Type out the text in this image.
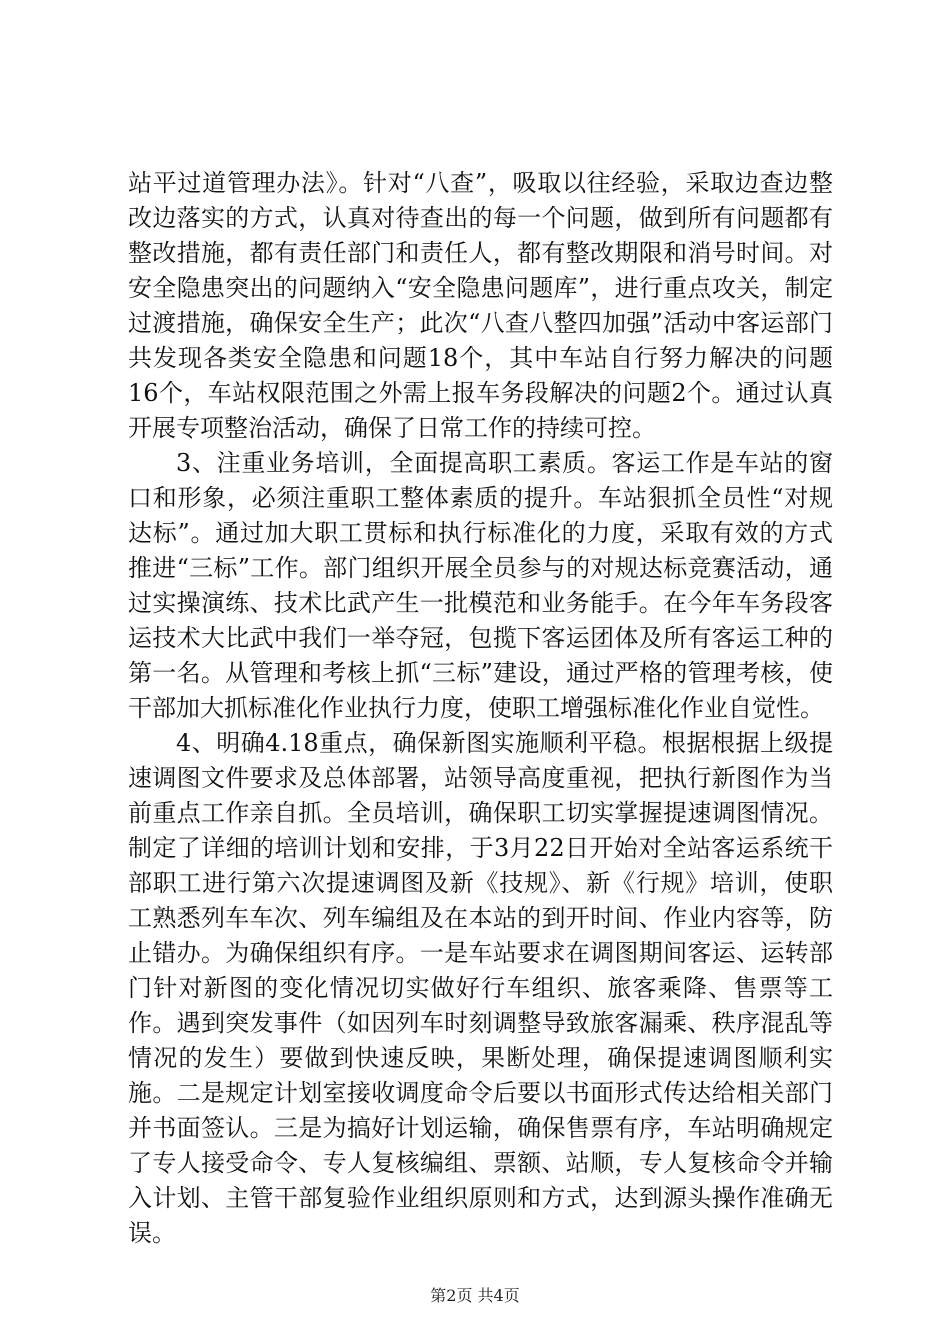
站平过道管理办法》。针对“八查”，吸取以往经验，采取边查边整改边落实的方式，认真对待查出的每一个问题，做到所有问题都有整改措施，都有责任部门和责任人，都有整改期限和消号时间。对安全隐患突出的问题纳入“安全隐患问题库”，进行重点攻关，制定过渡措施，确保安全生产；此次“八查八整四加强”活动中客运部门共发现各类安全隐患和问题18个，其中车站自行努力解决的问题16个，车站权限范围之外需上报车务段解决的问题2个。通过认真开展专项整治活动，确保了日常工作的持续可控。

3、注重业务培训，全面提高职工素质。客运工作是车站的窗口和形象，必须注重职工整体素质的提升。车站狠抓全员性“对规达标”。通过加大职工贯标和执行标准化的力度，采取有效的方式推进“三标”工作。部门组织开展全员参与的对规达标竞赛活动，通过实操演练、技术比武产生一批模范和业务能手。在今年车务段客运技术大比武中我们一举夺冠，包揽下客运团体及所有客运工种的第一名。从管理和考核上抓“三标”建设，通过严格的管理考核，使干部加大抓标准化作业执行力度，使职工增强标准化作业自觉性。

4、明确4.18重点，确保新图实施顺利平稳。根据根据上级提速调图文件要求及总体部署，站领导高度重视，把执行新图作为当前重点工作亲自抓。全员培训，确保职工切实掌握提速调图情况。制定了详细的培训计划和安排，于3月22日开始对全站客运系统干部职工进行第六次提速调图及新《技规》、新《行规》培训，使职工熟悉列车车次、列车编组及在本站的到开时间、作业内容等，防止错办。为确保组织有序。一是车站要求在调图期间客运、运转部门针对新图的变化情况切实做好行车组织、旅客乘降、售票等工作。遇到突发事件（如因列车时刻调整导致旅客漏乘、秩序混乱等情况的发生）要做到快速反映，果断处理，确保提速调图顺利实施。二是规定计划室接收调度命令后要以书面形式传达给相关部门并书面签认。三是为搞好计划运输，确保售票有序，车站明确规定了专人接受命令、专人复核编组、票额、站顺，专人复核命令并输入计划、主管干部复验作业组织原则和方式，达到源头操作准确无误。

第2页 共4页
